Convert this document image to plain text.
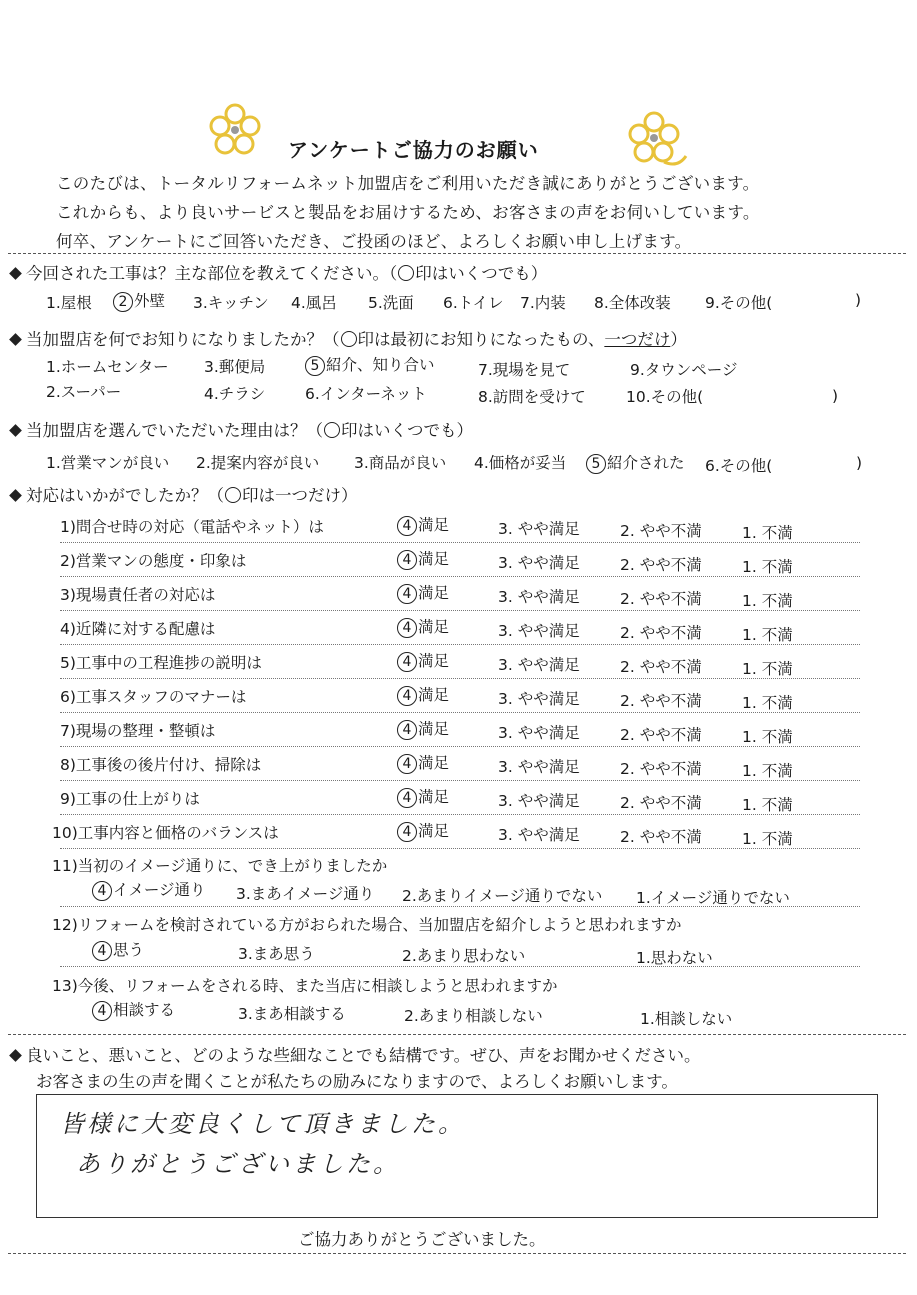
アンケートご協力のお願い
このたびは、トータルリフォームネット加盟店をご利用いただき誠にありがとうございます。
これからも、より良いサービスと製品をお届けするため、お客さまの声をお伺いしています。
何卒、アンケートにご回答いただき、ご投函のほど、よろしくお願い申し上げます。
今回された工事は？主な部位を教えてください。（○印はいくつでも）
1.屋根	2 外壁 3.キッチン 4.風呂 5.洗面 6.トイレ 7.内装 8.全体改装 9.その他(	)
当加盟店を何でお知りになりましたか？（○印は最初にお知りになったもの、一つだけ）
1.ホームセンター 3.郵便局	5 紹介、知り合い	7.現場を見て	9.タウンページ
2.スーパー	4.チラシ	6.インターネット	8.訪問を受けて	10.その他(	)
当加盟店を選んでいただいた理由は？（○印はいくつでも）
1.営業マンが良い 2.提案内容が良い 3.商品が良い 4.価格が妥当	5 紹介された 6.その他(	)
対応はいかがでしたか？（○印は一つだけ）
1)問合せ時の対応（電話やネット）は	4 満足	3. やや満足	2. やや不満	1. 不満
2)営業マンの態度・印象は	4 満足	3. やや満足	2. やや不満	1. 不満
3)現場責任者の対応は	4 満足	3. やや満足	2. やや不満	1. 不満
4)近隣に対する配慮は	4 満足	3. やや満足	2. やや不満	1. 不満
5)工事中の工程進捗の説明は	4 満足	3. やや満足	2. やや不満	1. 不満
6)工事スタッフのマナーは	4 満足	3. やや満足	2. やや不満	1. 不満
7)現場の整理・整頓は	4 満足	3. やや満足	2. やや不満	1. 不満
8)工事後の後片付け、掃除は	4 満足	3. やや満足	2. やや不満	1. 不満
9)工事の仕上がりは	4 満足	3. やや満足	2. やや不満	1. 不満
10)工事内容と価格のバランスは	4 満足	3. やや満足	2. やや不満	1. 不満
11)当初のイメージ通りに、でき上がりましたか
4 イメージ通り 3.まあイメージ通り 2.あまりイメージ通りでない 1.イメージ通りでない
12)リフォームを検討されている方がおられた場合、当加盟店を紹介しようと思われますか
4 思う	3.まあ思う	2.あまり思わない	1.思わない
13)今後、リフォームをされる時、また当店に相談しようと思われますか
4 相談する	3.まあ相談する	2.あまり相談しない	1.相談しない
良いこと、悪いこと、どのような些細なことでも結構です。ぜひ、声をお聞かせください。
お客さまの生の声を聞くことが私たちの励みになりますので、よろしくお願いします。
皆様に大変良くして頂きました。
ありがとうございました。
ご協力ありがとうございました。
